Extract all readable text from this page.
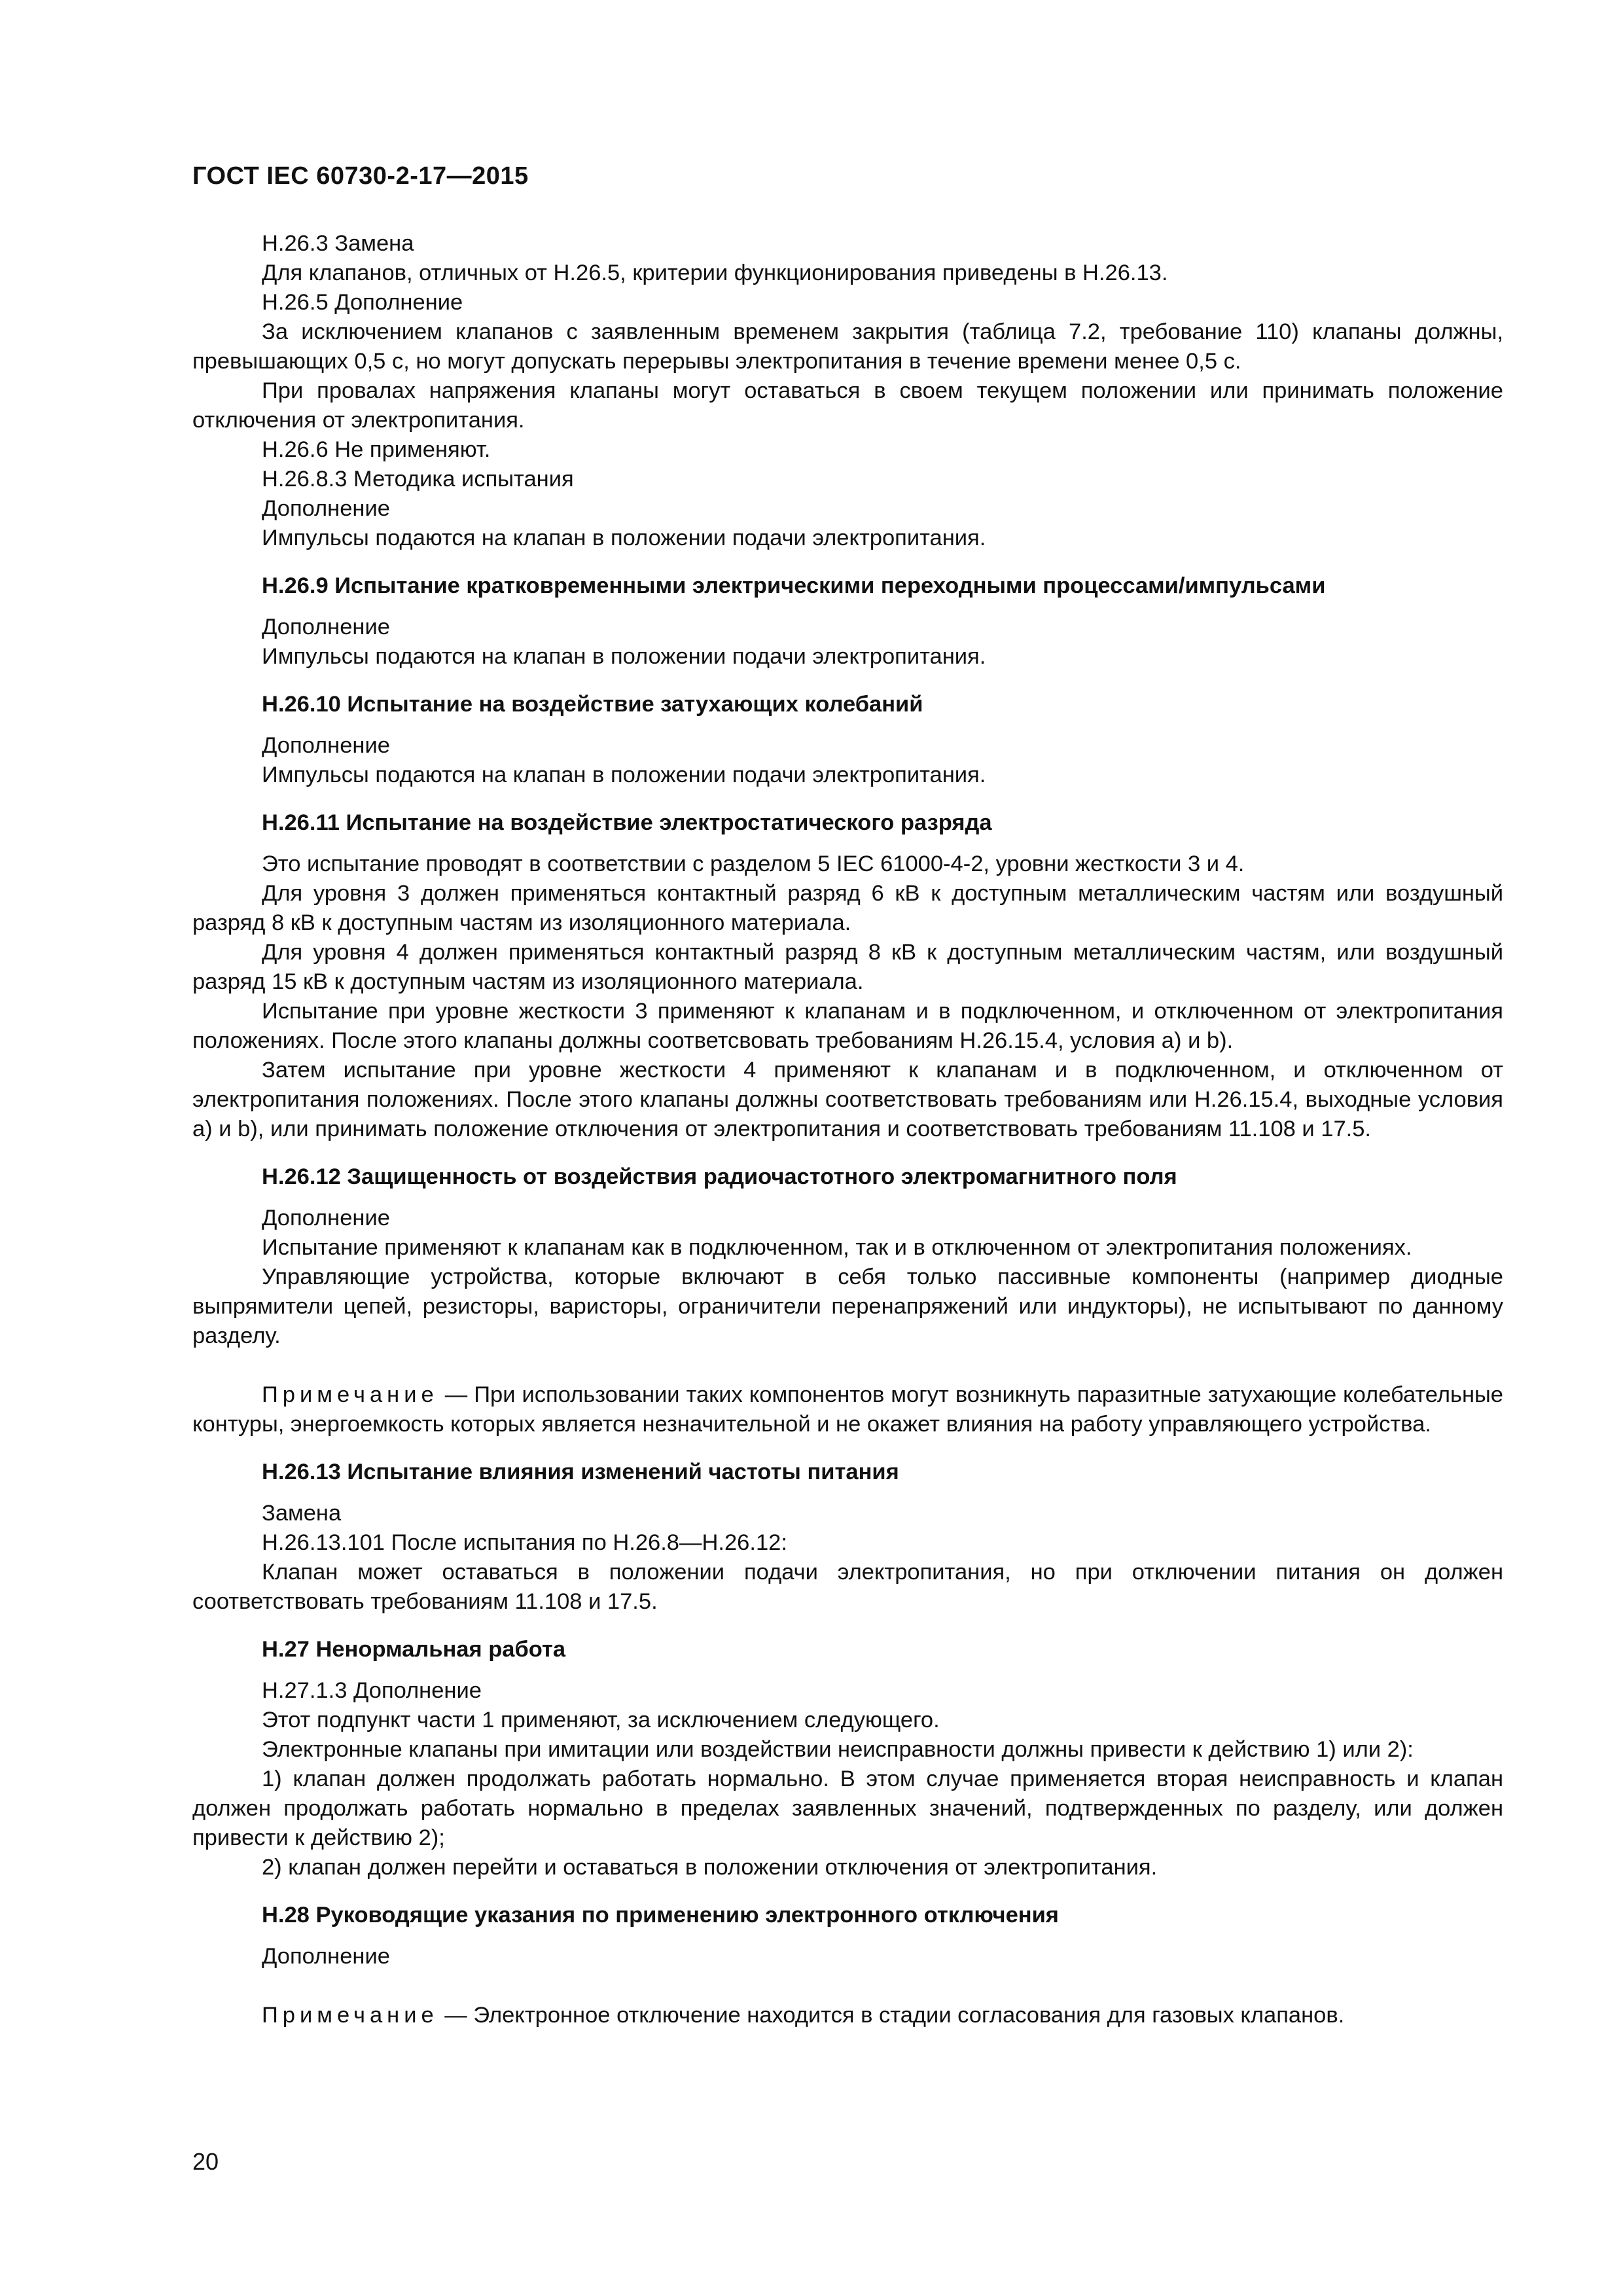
ГОСТ IEC 60730-2-17—2015

Н.26.3 Замена

Для клапанов, отличных от Н.26.5, критерии функционирования приведены в Н.26.13.

Н.26.5 Дополнение

За исключением клапанов с заявленным временем закрытия (таблица 7.2, требование 110) клапаны должны, превышающих 0,5 с, но могут допускать перерывы электропитания в течение времени менее 0,5 с.

При провалах напряжения клапаны могут оставаться в своем текущем положении или принимать положение отключения от электропитания.

Н.26.6 Не применяют.

Н.26.8.3 Методика испытания

Дополнение

Импульсы подаются на клапан в положении подачи электропитания.

Н.26.9 Испытание кратковременными электрическими переходными процессами/импульсами

Дополнение

Импульсы подаются на клапан в положении подачи электропитания.

Н.26.10 Испытание на воздействие затухающих колебаний

Дополнение

Импульсы подаются на клапан в положении подачи электропитания.

Н.26.11 Испытание на воздействие электростатического разряда

Это испытание проводят в соответствии с разделом 5 IEC 61000-4-2, уровни жесткости 3 и 4.

Для уровня 3 должен применяться контактный разряд 6 кВ к доступным металлическим частям или воздушный разряд 8 кВ к доступным частям из изоляционного материала.

Для уровня 4 должен применяться контактный разряд 8 кВ к доступным металлическим частям, или воздушный разряд 15 кВ к доступным частям из изоляционного материала.

Испытание при уровне жесткости 3 применяют к клапанам и в подключенном, и отключенном от электропитания положениях. После этого клапаны должны соответсвовать требованиям Н.26.15.4, условия а) и b).

Затем испытание при уровне жесткости 4 применяют к клапанам и в подключенном, и отключенном от электропитания положениях. После этого клапаны должны соответствовать требованиям или Н.26.15.4, выходные условия а) и b), или принимать положение отключения от электропитания и соответствовать требованиям 11.108 и 17.5.

Н.26.12 Защищенность от воздействия радиочастотного электромагнитного поля

Дополнение

Испытание применяют к клапанам как в подключенном, так и в отключенном от электропитания положениях.

Управляющие устройства, которые включают в себя только пассивные компоненты (например диодные выпрямители цепей, резисторы, варисторы, ограничители перенапряжений или индукторы), не испытывают по данному разделу.

Примечание — При использовании таких компонентов могут возникнуть паразитные затухающие колебательные контуры, энергоемкость которых является незначительной и не окажет влияния на работу управляющего устройства.

Н.26.13 Испытание влияния изменений частоты питания

Замена

Н.26.13.101 После испытания по Н.26.8—Н.26.12:

Клапан может оставаться в положении подачи электропитания, но при отключении питания он должен соответствовать требованиям 11.108 и 17.5.

Н.27 Ненормальная работа

Н.27.1.3 Дополнение

Этот подпункт части 1 применяют, за исключением следующего.

Электронные клапаны при имитации или воздействии неисправности должны привести к действию 1) или 2):

1) клапан должен продолжать работать нормально. В этом случае применяется вторая неисправность и клапан должен продолжать работать нормально в пределах заявленных значений, подтвержденных по разделу, или должен привести к действию 2);

2) клапан должен перейти и оставаться в положении отключения от электропитания.

Н.28 Руководящие указания по применению электронного отключения

Дополнение

Примечание — Электронное отключение находится в стадии согласования для газовых клапанов.

20
